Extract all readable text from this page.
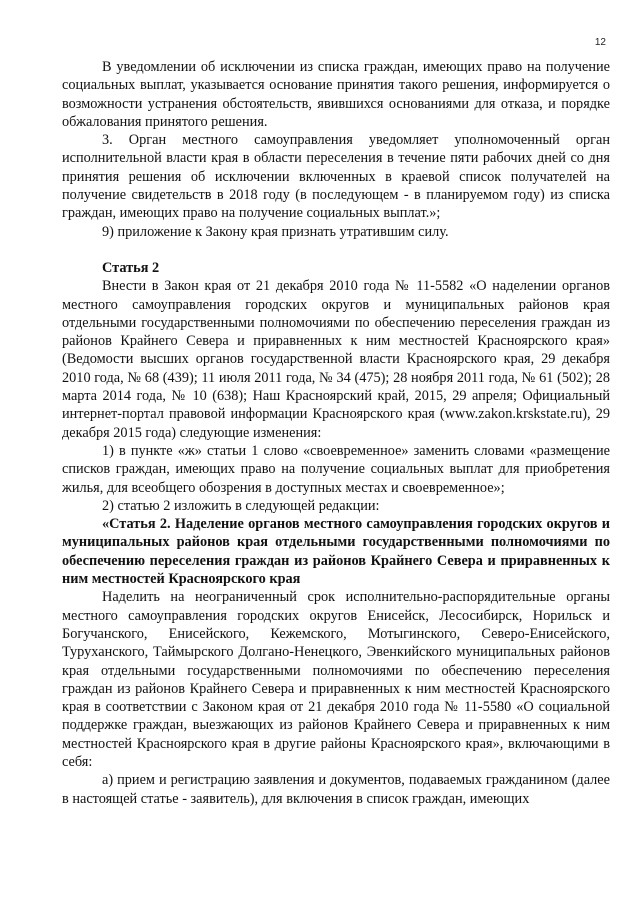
12

В уведомлении об исключении из списка граждан, имеющих право на получение социальных выплат, указывается основание принятия такого решения, информируется о возможности устранения обстоятельств, явившихся основаниями для отказа, и порядке обжалования принятого решения.

3. Орган местного самоуправления уведомляет уполномоченный орган исполнительной власти края в области переселения в течение пяти рабочих дней со дня принятия решения об исключении включенных в краевой список получателей на получение свидетельств в 2018 году (в последующем - в планируемом году) из списка граждан, имеющих право на получение социальных выплат.»;

9) приложение к Закону края признать утратившим силу.

Статья 2

Внести в Закон края от 21 декабря 2010 года № 11-5582 «О наделении органов местного самоуправления городских округов и муниципальных районов края отдельными государственными полномочиями по обеспечению переселения граждан из районов Крайнего Севера и приравненных к ним местностей Красноярского края» (Ведомости высших органов государственной власти Красноярского края, 29 декабря 2010 года, № 68 (439); 11 июля 2011 года, № 34 (475); 28 ноября 2011 года, № 61 (502); 28 марта 2014 года, № 10 (638); Наш Красноярский край, 2015, 29 апреля; Официальный интернет-портал правовой информации Красноярского края (www.zakon.krskstate.ru), 29 декабря 2015 года) следующие изменения:

1) в пункте «ж» статьи 1 слово «своевременное» заменить словами «размещение списков граждан, имеющих право на получение социальных выплат для приобретения жилья, для всеобщего обозрения в доступных местах и своевременное»;

2) статью 2 изложить в следующей редакции:

«Статья 2. Наделение органов местного самоуправления городских округов и муниципальных районов края отдельными государственными полномочиями по обеспечению переселения граждан из районов Крайнего Севера и приравненных к ним местностей Красноярского края

Наделить на неограниченный срок исполнительно-распорядительные органы местного самоуправления городских округов Енисейск, Лесосибирск, Норильск и Богучанского, Енисейского, Кежемского, Мотыгинского, Северо-Енисейского, Туруханского, Таймырского Долгано-Ненецкого, Эвенкийского муниципальных районов края отдельными государственными полномочиями по обеспечению переселения граждан из районов Крайнего Севера и приравненных к ним местностей Красноярского края в соответствии с Законом края от 21 декабря 2010 года № 11-5580 «О социальной поддержке граждан, выезжающих из районов Крайнего Севера и приравненных к ним местностей Красноярского края в другие районы Красноярского края», включающими в себя:

а) прием и регистрацию заявления и документов, подаваемых гражданином (далее в настоящей статье - заявитель), для включения в список граждан, имеющих
